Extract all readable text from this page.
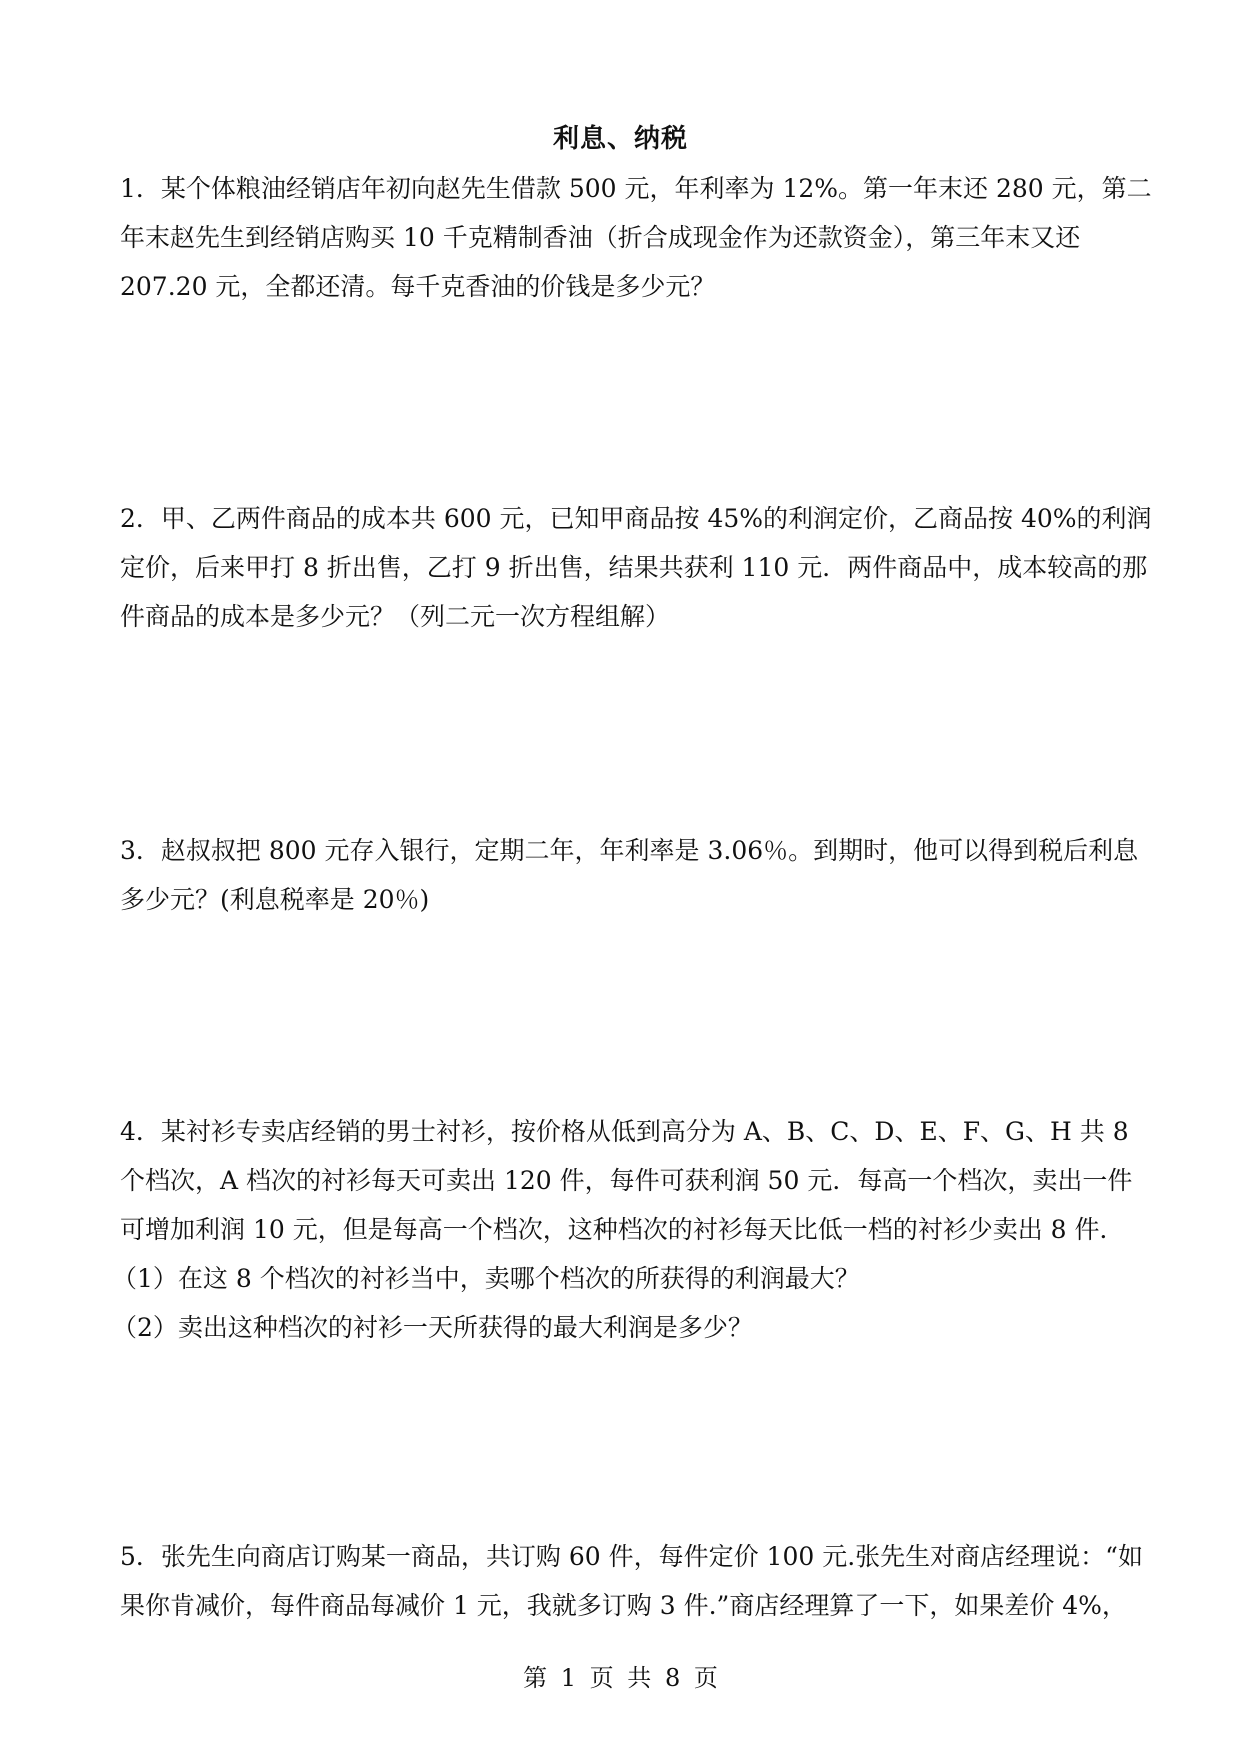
利息、纳税
1．某个体粮油经销店年初向赵先生借款 500 元，年利率为 12%。第一年末还 280 元，第二
年末赵先生到经销店购买 10 千克精制香油（折合成现金作为还款资金），第三年末又还
207.20 元，全都还清。每千克香油的价钱是多少元？
2．甲、乙两件商品的成本共 600 元，已知甲商品按 45%的利润定价，乙商品按 40%的利润
定价，后来甲打 8 折出售，乙打 9 折出售，结果共获利 110 元．两件商品中，成本较高的那
件商品的成本是多少元？（列二元一次方程组解）
3．赵叔叔把 800 元存入银行，定期二年，年利率是 3.06％。到期时，他可以得到税后利息
多少元？(利息税率是 20％)
4．某衬衫专卖店经销的男士衬衫，按价格从低到高分为 A、B、C、D、E、F、G、H 共 8
个档次，A 档次的衬衫每天可卖出 120 件，每件可获利润 50 元．每高一个档次，卖出一件
可增加利润 10 元，但是每高一个档次，这种档次的衬衫每天比低一档的衬衫少卖出 8 件．
（1）在这 8 个档次的衬衫当中，卖哪个档次的所获得的利润最大？
（2）卖出这种档次的衬衫一天所获得的最大利润是多少？
5．张先生向商店订购某一商品，共订购 60 件，每件定价 100 元.张先生对商店经理说：“如
果你肯减价，每件商品每减价 1 元，我就多订购 3 件.”商店经理算了一下，如果差价 4%，
第 1 页 共 8 页
